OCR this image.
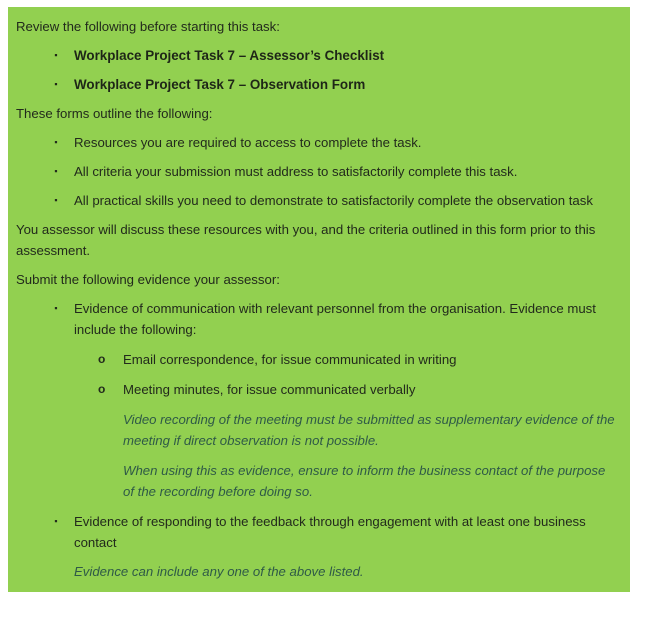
Review the following before starting this task:

▪	Workplace Project Task 7 – Assessor’s Checklist
▪	Workplace Project Task 7 – Observation Form

These forms outline the following:

▪	Resources you are required to access to complete the task.
▪	All criteria your submission must address to satisfactorily complete this task.
▪	All practical skills you need to demonstrate to satisfactorily complete the observation task

You assessor will discuss these resources with you, and the criteria outlined in this form prior to this assessment.

Submit the following evidence your assessor:

▪	Evidence of communication with relevant personnel from the organisation. Evidence must include the following:
o Email correspondence, for issue communicated in writing
o Meeting minutes, for issue communicated verbally

Video recording of the meeting must be submitted as supplementary evidence of the meeting if direct observation is not possible.

When using this as evidence, ensure to inform the business contact of the purpose of the recording before doing so.

▪	Evidence of responding to the feedback through engagement with at least one business contact

Evidence can include any one of the above listed.
